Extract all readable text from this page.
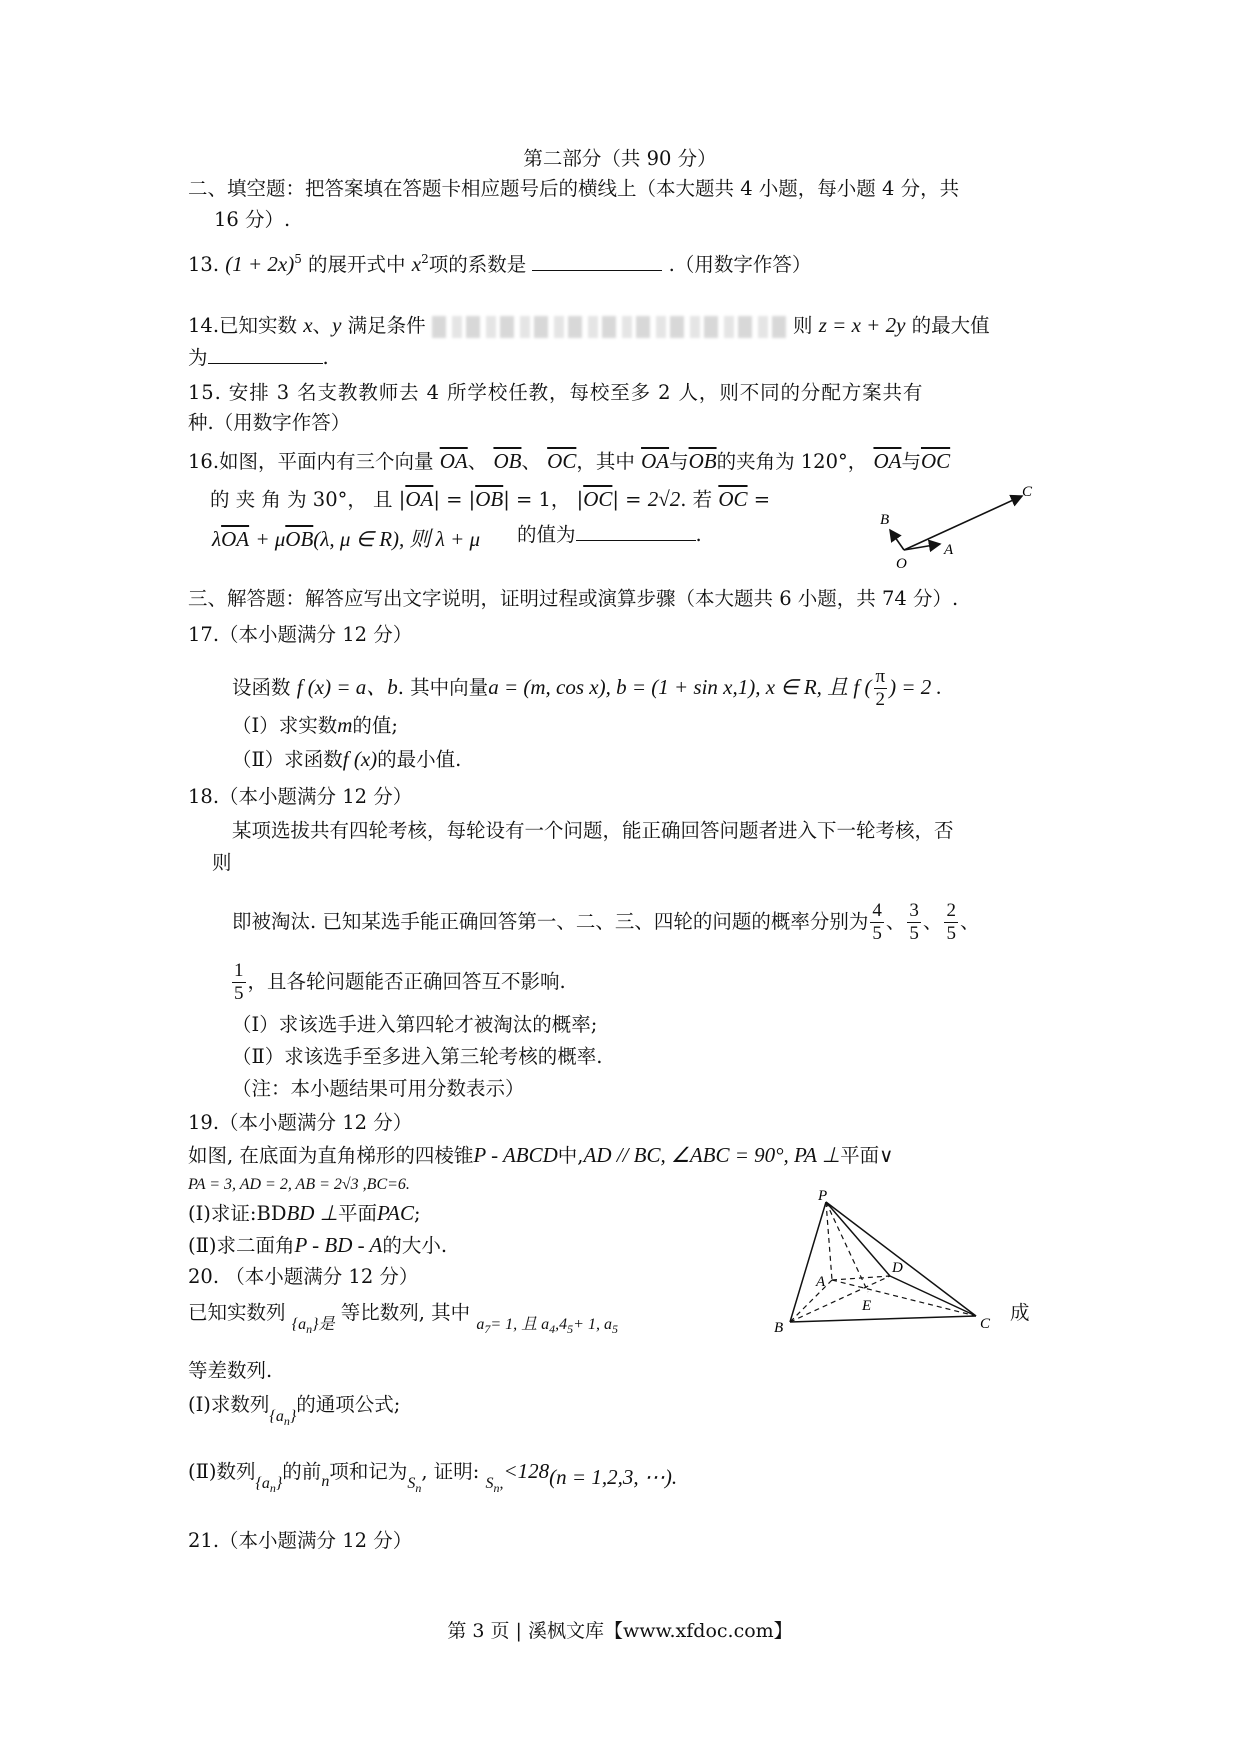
第二部分（共 90 分）
二、填空题：把答案填在答题卡相应题号后的横线上（本大题共 4 小题，每小题 4 分，共
16 分）.
13. $(1 + 2x)^5$ 的展开式中 $x^2$项的系数是	.（用数字作答）
14.已知实数 x、y 满足条件	则 z = x + 2y 的最大值
为	.
15. 安排 3 名支教教师去 4 所学校任教，每校至多 2 人，则不同的分配方案共有
种.（用数字作答）
16.如图，平面内有三个向量 $\overline{OA}$、 $\overline{OB}$、 $\overline{OC}$，其中 $\overline{OA}$与$\overline{OB}$的夹角为 120°， $\overline{OA}$与$\overline{OC}$
的 夹 角 为 30°， 且 $|\overline{OA}| = |\overline{OB}| = 1$， $|\overline{OC}| = 2√2$. 若 $\overline{OC}$ =
$\lambda\overline{OA} + \mu\overline{OB}(\lambda$, μ ∈ R), 则 λ + μ 的值为	.
B
C
O
A
三、解答题：解答应写出文字说明，证明过程或演算步骤（本大题共 6 小题，共 74 分）.
17.（本小题满分 12 分）
设函数 f (x) = a、b. 其中向量a = (m, cos x), b = (1 + sin x,1), x ∈ R, 且 f ( $\frac{\pi}{2}$ ) = 2 .
（Ⅰ）求实数m的值;
（Ⅱ）求函数f (x)的最小值.
18.（本小题满分 12 分）
某项选拔共有四轮考核，每轮设有一个问题，能正确回答问题者进入下一轮考核，否
则
即被淘汰. 已知某选手能正确回答第一、二、三、四轮的问题的概率分别为 $\frac{4}{5}$ 、 $\frac{3}{5}$ 、 $\frac{2}{5}$ 、
$\frac{1}{5}$ ，且各轮问题能否正确回答互不影响.
（Ⅰ）求该选手进入第四轮才被淘汰的概率;
（Ⅱ）求该选手至多进入第三轮考核的概率.
（注：本小题结果可用分数表示）
19.（本小题满分 12 分）
如图, 在底面为直角梯形的四棱锥P - ABCD中,AD // BC, ∠ABC = 90°, PA ⊥平面∨
PA = 3, AD = 2, AB = 2√3 ,BC=6.
(Ⅰ)求证:BDBD ⊥平面PAC;
(Ⅱ)求二面角P - BD - A的大小.
P
A
D
E
B	C
20. （本小题满分 12 分）
已知实数列 $_{\{a_n\}是}$ 等比数列, 其中 $_{a_7= 1, 且 a_4,4_5+ 1, a_5}$
成
等差数列.
(Ⅰ)求数列$_{\{a_n\}}$的通项公式;
(Ⅱ)数列$_{\{a_n\}}$的前$_n$项和记为$_{S_n}$, 证明: $_{S_n,}$<128(n = 1,2,3, ⋯).
21.（本小题满分 12 分）
第 3 页 | 溪枫文库【www.xfdoc.com】
